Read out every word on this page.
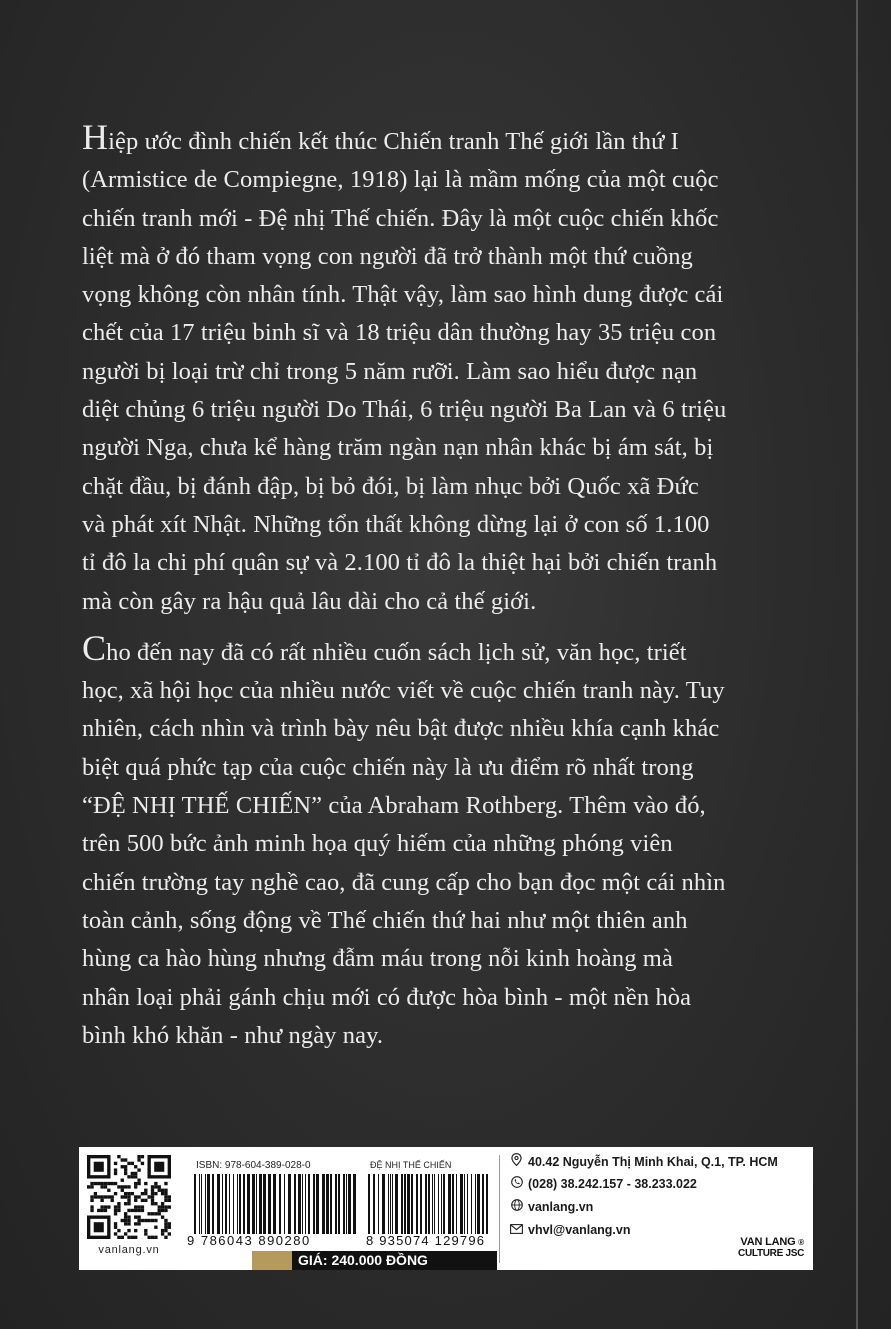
Hiệp ước đình chiến kết thúc Chiến tranh Thế giới lần thứ I
(Armistice de Compiegne, 1918) lại là mầm mống của một cuộc
chiến tranh mới - Đệ nhị Thế chiến. Đây là một cuộc chiến khốc
liệt mà ở đó tham vọng con người đã trở thành một thứ cuồng
vọng không còn nhân tính. Thật vậy, làm sao hình dung được cái
chết của 17 triệu binh sĩ và 18 triệu dân thường hay 35 triệu con
người bị loại trừ chỉ trong 5 năm rưỡi. Làm sao hiểu được nạn
diệt chủng 6 triệu người Do Thái, 6 triệu người Ba Lan và 6 triệu
người Nga, chưa kể hàng trăm ngàn nạn nhân khác bị ám sát, bị
chặt đầu, bị đánh đập, bị bỏ đói, bị làm nhục bởi Quốc xã Đức
và phát xít Nhật. Những tổn thất không dừng lại ở con số 1.100
tỉ đô la chi phí quân sự và 2.100 tỉ đô la thiệt hại bởi chiến tranh
mà còn gây ra hậu quả lâu dài cho cả thế giới.

Cho đến nay đã có rất nhiều cuốn sách lịch sử, văn học, triết
học, xã hội học của nhiều nước viết về cuộc chiến tranh này. Tuy
nhiên, cách nhìn và trình bày nêu bật được nhiều khía cạnh khác
biệt quá phức tạp của cuộc chiến này là ưu điểm rõ nhất trong
“ĐỆ NHỊ THẾ CHIẾN” của Abraham Rothberg. Thêm vào đó,
trên 500 bức ảnh minh họa quý hiếm của những phóng viên
chiến trường tay nghề cao, đã cung cấp cho bạn đọc một cái nhìn
toàn cảnh, sống động về Thế chiến thứ hai như một thiên anh
hùng ca hào hùng nhưng đẫm máu trong nỗi kinh hoàng mà
nhân loại phải gánh chịu mới có được hòa bình - một nền hòa
bình khó khăn - như ngày nay.

vanlang.vn
ISBN: 978-604-389-028-0	ĐỆ NHỊ THẾ CHIẾN
9 786043 890280	8 935074 129796
GIÁ: 240.000 ĐỒNG
40.42 Nguyễn Thị Minh Khai, Q.1, TP. HCM
(028) 38.242.157 - 38.233.022
vanlang.vn
vhvl@vanlang.vn
VAN LANG ®
CULTURE JSC
